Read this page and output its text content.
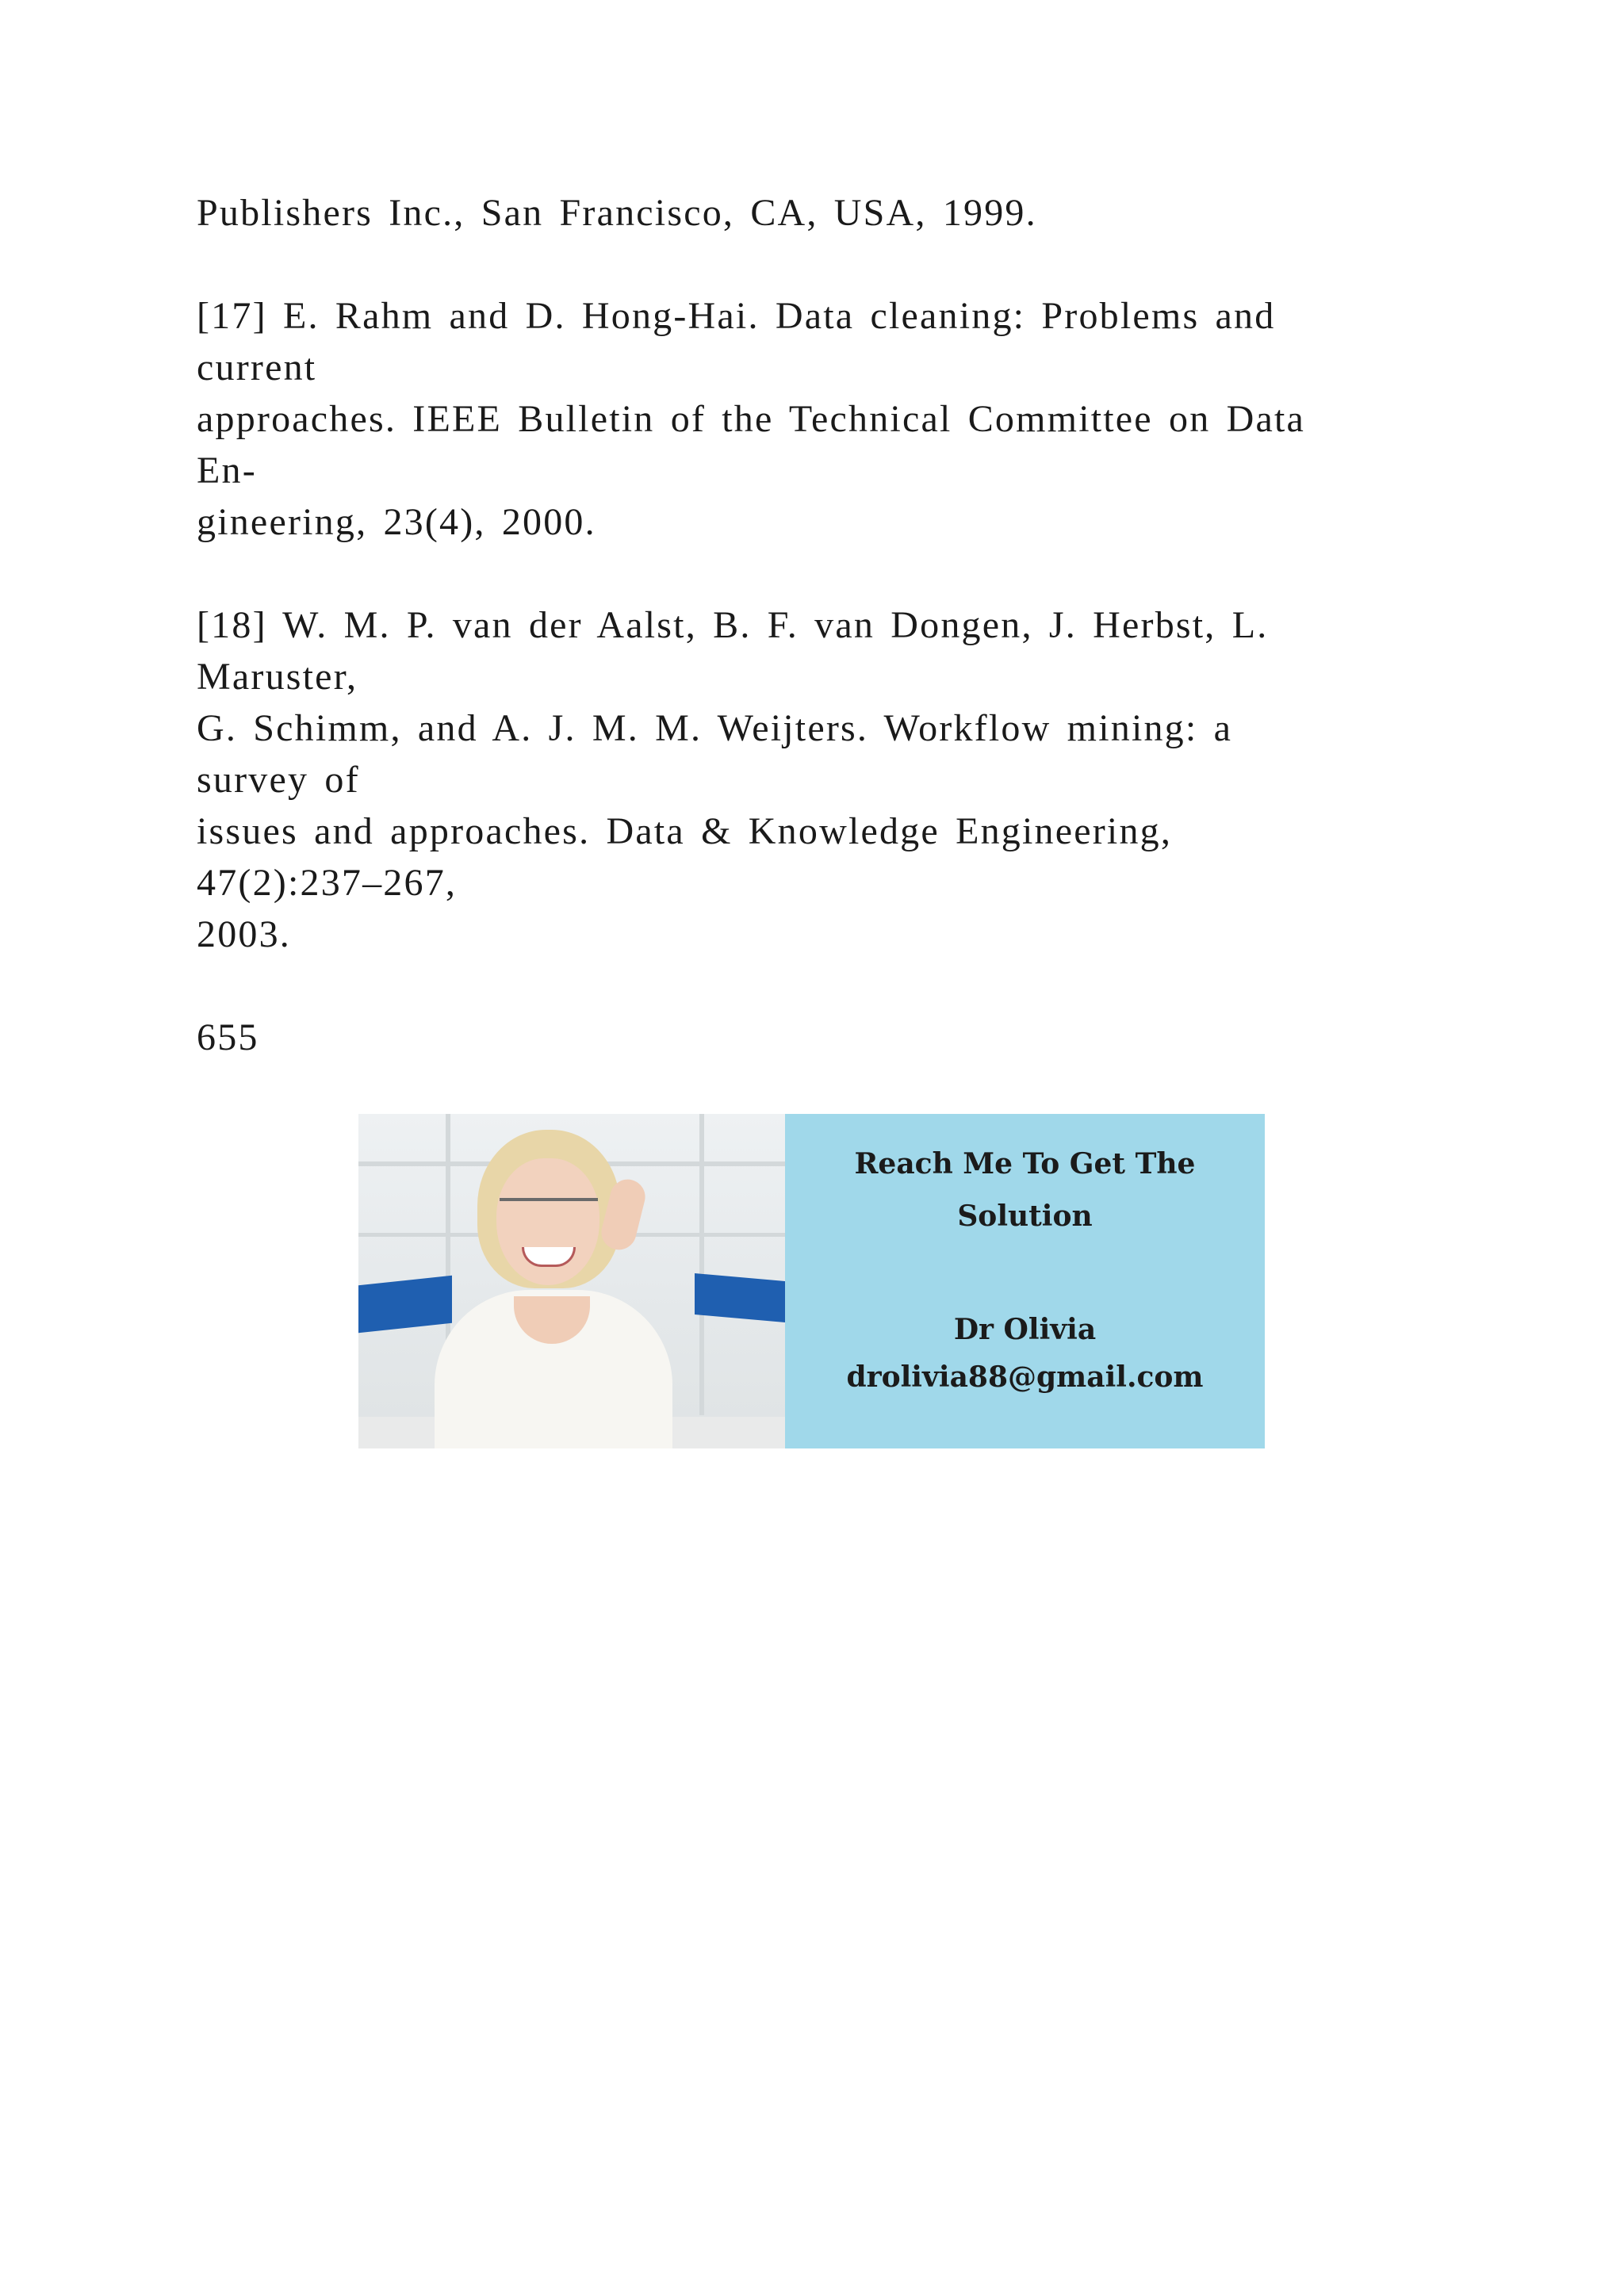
Publishers Inc., San Francisco, CA, USA, 1999.

[17] E. Rahm and D. Hong-Hai. Data cleaning: Problems and
current
approaches. IEEE Bulletin of the Technical Committee on Data
En-
gineering, 23(4), 2000.

[18] W. M. P. van der Aalst, B. F. van Dongen, J. Herbst, L.
Maruster,
G. Schimm, and A. J. M. M. Weijters. Workflow mining: a
survey of
issues and approaches. Data & Knowledge Engineering,
47(2):237–267,
2003.

655

Reach Me To Get The
Solution
Dr Olivia
drolivia88@gmail.com
